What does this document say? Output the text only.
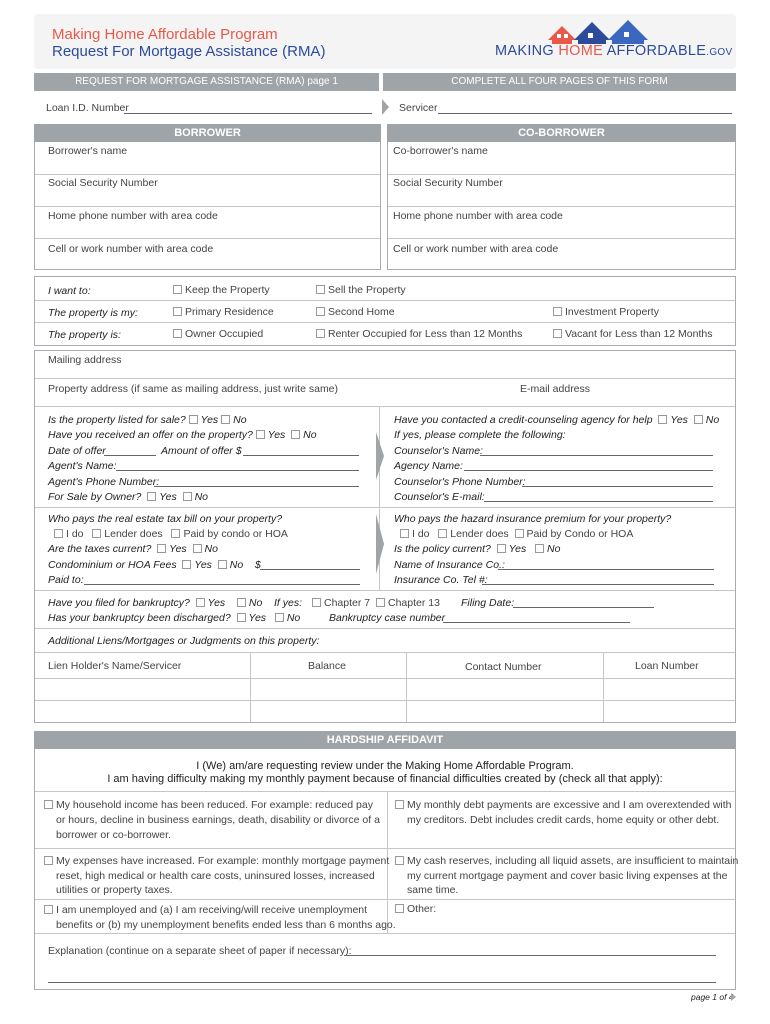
Making Home Affordable Program
Request For Mortgage Assistance (RMA)	MAKING HOME AFFORDABLE.GOV
REQUEST FOR MORTGAGE ASSISTANCE (RMA) page 1	COMPLETE ALL FOUR PAGES OF THIS FORM
Loan I.D. Number	Servicer
BORROWER	CO-BORROWER
Borrower's name
Social Security Number
Home phone number with area code
Cell or work number with area code
Co-borrower's name
Social Security Number
Home phone number with area code
Cell or work number with area code
I want to:	Keep the Property	Sell the Property
The property is my:	Primary Residence	Second Home	Investment Property
The property is:	Owner Occupied	Renter Occupied for Less than 12 Months	Vacant for Less than 12 Months
Mailing address
Property address (if same as mailing address, just write same)	E-mail address
Is the property listed for sale? Yes No
Have you received an offer on the property? Yes No
Date of offer	Amount of offer $
Agent's Name:
Agent's Phone Number:
For Sale by Owner? Yes No
Have you contacted a credit-counseling agency for help Yes No
If yes, please complete the following:
Counselor's Name:
Agency Name:
Counselor's Phone Number:
Counselor's E-mail:
Who pays the real estate tax bill on your property?
I do Lender does Paid by condo or HOA
Are the taxes current? Yes No
Condominium or HOA Fees Yes No $
Paid to:
Who pays the hazard insurance premium for your property?
I do Lender does Paid by Condo or HOA
Is the policy current? Yes No
Name of Insurance Co.:
Insurance Co. Tel #:
Have you filed for bankruptcy? Yes No If yes:	Chapter 7	Chapter 13 Filing Date:
Has your bankruptcy been discharged? Yes No	Bankruptcy case number
Additional Liens/Mortgages or Judgments on this property:
Lien Holder's Name/Servicer	Balance	Contact Number	Loan Number
HARDSHIP AFFIDAVIT
I (We) am/are requesting review under the Making Home Affordable Program.
I am having difficulty making my monthly payment because of financial difficulties created by (check all that apply):
My household income has been reduced. For example: reduced pay
or hours, decline in business earnings, death, disability or divorce of a
borrower or co-borrower.
My monthly debt payments are excessive and I am overextended with
my creditors. Debt includes credit cards, home equity or other debt.
My expenses have increased. For example: monthly mortgage payment
reset, high medical or health care costs, uninsured losses, increased
utilities or property taxes.
My cash reserves, including all liquid assets, are insufficient to maintain
my current mortgage payment and cover basic living expenses at the
same time.
I am unemployed and (a) I am receiving/will receive unemployment
benefits or (b) my unemployment benefits ended less than 6 months ago.
Other:
Explanation (continue on a separate sheet of paper if necessary):
page 1 of 4
